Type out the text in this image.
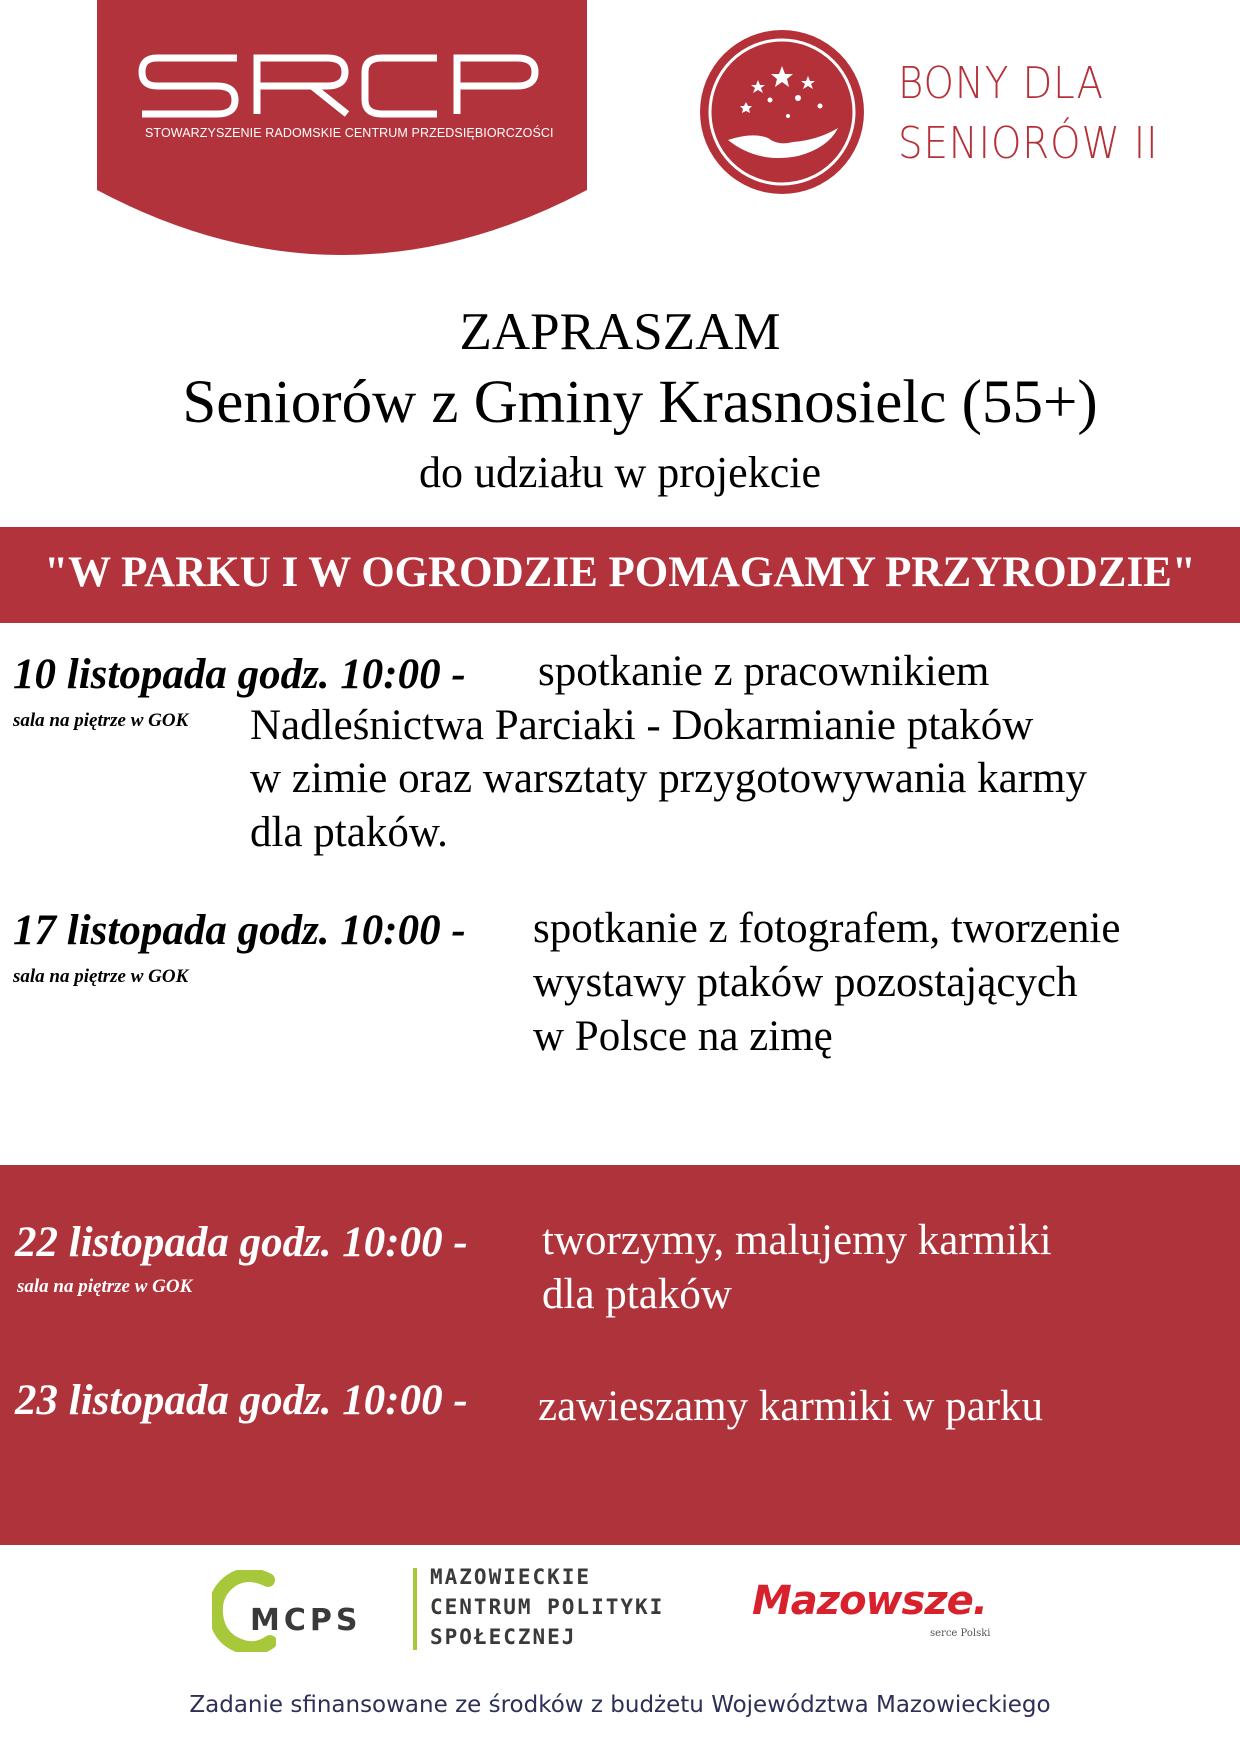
STOWARZYSZENIE RADOMSKIE CENTRUM PRZEDSIĘBIORCZOŚCI
BONY DLA
SENIORÓW II
ZAPRASZAM
Seniorów z Gminy Krasnosielc (55+)
do udziału w projekcie
"W PARKU I W OGRODZIE POMAGAMY PRZYRODZIE"
10 listopada godz. 10:00 -
sala na piętrze w GOK
spotkanie z pracownikiem
Nadleśnictwa Parciaki - Dokarmianie ptaków
w zimie oraz warsztaty przygotowywania karmy
dla ptaków.
17 listopada godz. 10:00 -
sala na piętrze w GOK
spotkanie z fotografem, tworzenie
wystawy ptaków pozostających
w Polsce na zimę
22 listopada godz. 10:00 -
sala na piętrze w GOK
tworzymy, malujemy karmiki
dla ptaków
23 listopada godz. 10:00 - zawieszamy karmiki w parku
MCPS
MAZOWIECKIE
CENTRUM POLITYKI
SPOŁECZNEJ
Mazowsze.
serce Polski
Zadanie sfinansowane ze środków z budżetu Województwa Mazowieckiego
